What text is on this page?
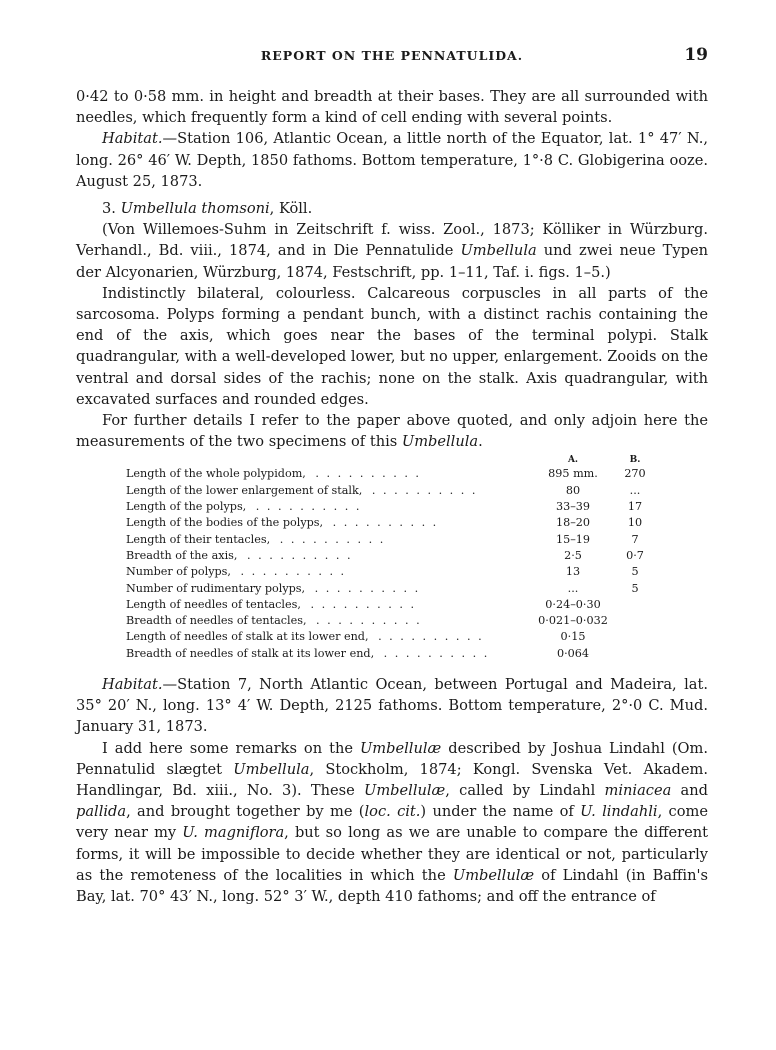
REPORT ON THE PENNATULIDA.	19

0·42 to 0·58 mm. in height and breadth at their bases. They are all surrounded with needles, which frequently form a kind of cell ending with several points.

Habitat.—Station 106, Atlantic Ocean, a little north of the Equator, lat. 1° 47′ N., long. 26° 46′ W. Depth, 1850 fathoms. Bottom temperature, 1°·8 C. Globigerina ooze. August 25, 1873.

3. Umbellula thomsoni, Köll.

(Von Willemoes-Suhm in Zeitschrift f. wiss. Zool., 1873; Kölliker in Würzburg. Verhandl., Bd. viii., 1874, and in Die Pennatulide Umbellula und zwei neue Typen der Alcyonarien, Würzburg, 1874, Festschrift, pp. 1–11, Taf. i. figs. 1–5.)

Indistinctly bilateral, colourless. Calcareous corpuscles in all parts of the sarcosoma. Polyps forming a pendant bunch, with a distinct rachis containing the end of the axis, which goes near the bases of the terminal polypi. Stalk quadrangular, with a well-developed lower, but no upper, enlargement. Zooids on the ventral and dorsal sides of the rachis; none on the stalk. Axis quadrangular, with excavated surfaces and rounded edges.

For further details I refer to the paper above quoted, and only adjoin here the measurements of the two specimens of this Umbellula.

	A.	B.
Length of the whole polypidom, . . . . . . . . . .	895 mm.	270
Length of the lower enlargement of stalk, . . . . . . . . . .	80	...
Length of the polyps, . . . . . . . . . .	33–39	17
Length of the bodies of the polyps, . . . . . . . . . .	18–20	10
Length of their tentacles, . . . . . . . . . .	15–19	7
Breadth of the axis, . . . . . . . . . .	2·5	0·7
Number of polyps, . . . . . . . . . .	13	5
Number of rudimentary polyps, . . . . . . . . . .	...	5
Length of needles of tentacles, . . . . . . . . . .	0·24–0·30	
Breadth of needles of tentacles, . . . . . . . . . .	0·021–0·032	
Length of needles of stalk at its lower end, . . . . . . . . . .	0·15	
Breadth of needles of stalk at its lower end, . . . . . . . . . .	0·064	

Habitat.—Station 7, North Atlantic Ocean, between Portugal and Madeira, lat. 35° 20′ N., long. 13° 4′ W. Depth, 2125 fathoms. Bottom temperature, 2°·0 C. Mud. January 31, 1873.

I add here some remarks on the Umbellulæ described by Joshua Lindahl (Om. Pennatulid slægtet Umbellula, Stockholm, 1874; Kongl. Svenska Vet. Akadem. Handlingar, Bd. xiii., No. 3). These Umbellulæ, called by Lindahl miniacea and pallida, and brought together by me (loc. cit.) under the name of U. lindahli, come very near my U. magniflora, but so long as we are unable to compare the different forms, it will be impossible to decide whether they are identical or not, particularly as the remoteness of the localities in which the Umbellulæ of Lindahl (in Baffin's Bay, lat. 70° 43′ N., long. 52° 3′ W., depth 410 fathoms; and off the entrance of
